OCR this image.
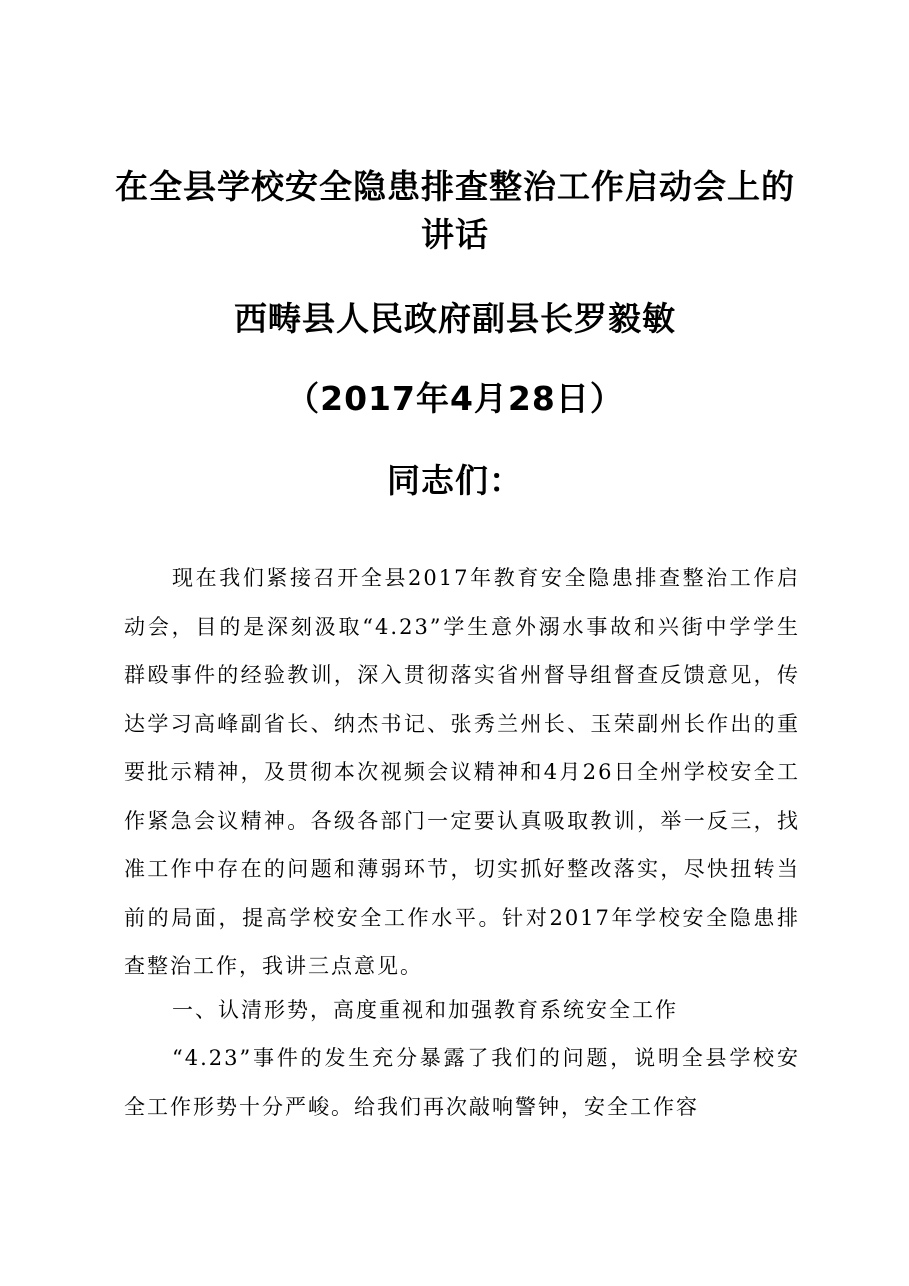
在全县学校安全隐患排查整治工作启动会上的
讲话
西畴县人民政府副县长罗毅敏
（2017年4月28日）
同志们：

现在我们紧接召开全县2017年教育安全隐患排查整治工作启动会，目的是深刻汲取“4.23”学生意外溺水事故和兴街中学学生群殴事件的经验教训，深入贯彻落实省州督导组督查反馈意见，传达学习高峰副省长、纳杰书记、张秀兰州长、玉荣副州长作出的重要批示精神，及贯彻本次视频会议精神和4月26日全州学校安全工作紧急会议精神。各级各部门一定要认真吸取教训，举一反三，找准工作中存在的问题和薄弱环节，切实抓好整改落实，尽快扭转当前的局面，提高学校安全工作水平。针对2017年学校安全隐患排查整治工作，我讲三点意见。

一、认清形势，高度重视和加强教育系统安全工作

“4.23”事件的发生充分暴露了我们的问题，说明全县学校安全工作形势十分严峻。给我们再次敲响警钟，安全工作容
